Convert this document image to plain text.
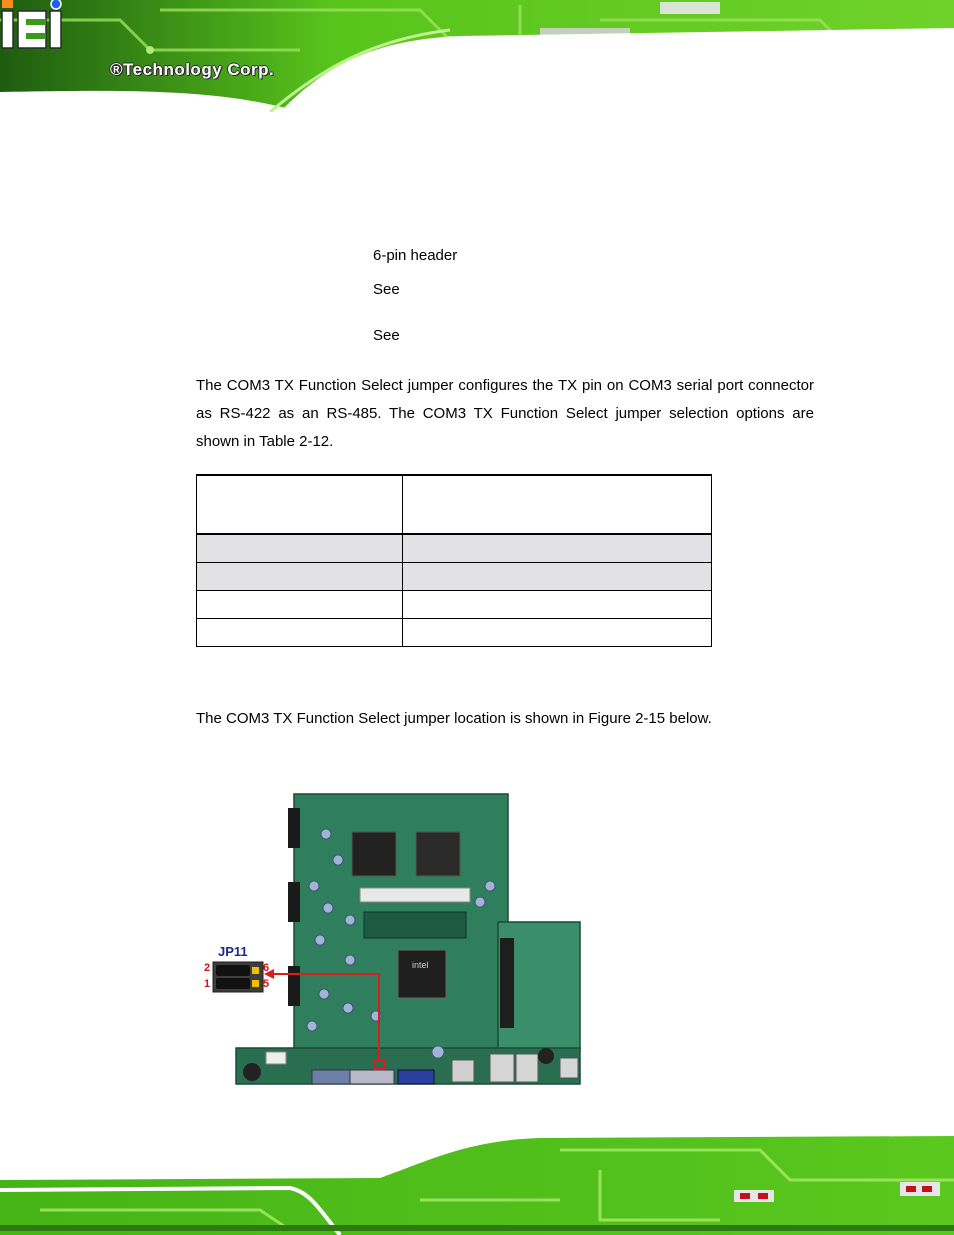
®Technology Corp.
6-pin header
See
See
The COM3 TX Function Select jumper configures the TX pin on COM3 serial port connector as RS-422 as an RS-485. The COM3 TX Function Select jumper selection options are shown in Table 2-12.

The COM3 TX Function Select jumper location is shown in Figure 2-15 below.
intel
JP11
2	6
1	5
